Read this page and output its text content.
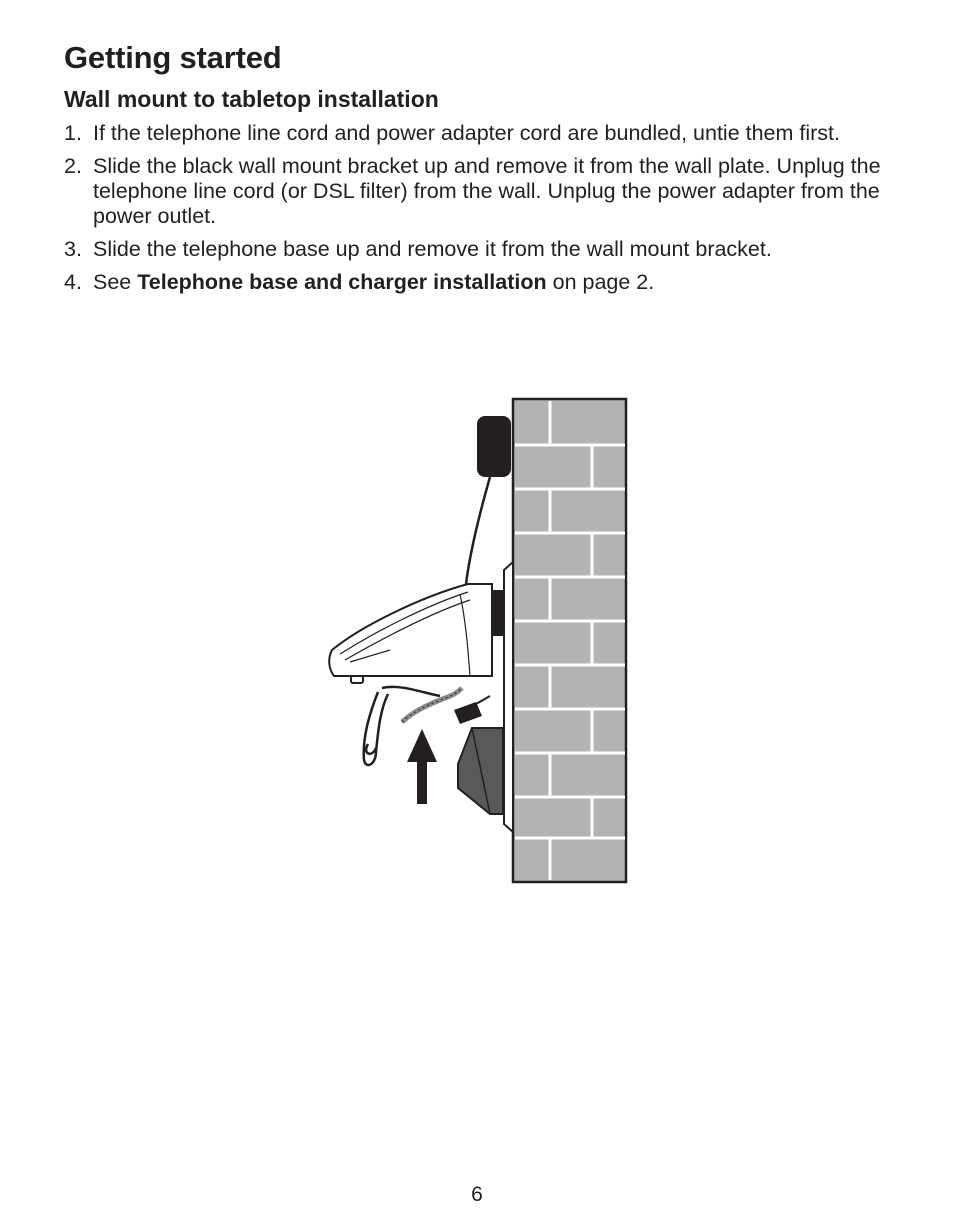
Getting started
Wall mount to tabletop installation
1. If the telephone line cord and power adapter cord are bundled, untie them first.
2. Slide the black wall mount bracket up and remove it from the wall plate. Unplug the telephone line cord (or DSL filter) from the wall. Unplug the power adapter from the power outlet.
3. Slide the telephone base up and remove it from the wall mount bracket.
4. See Telephone base and charger installation on page 2.
6
